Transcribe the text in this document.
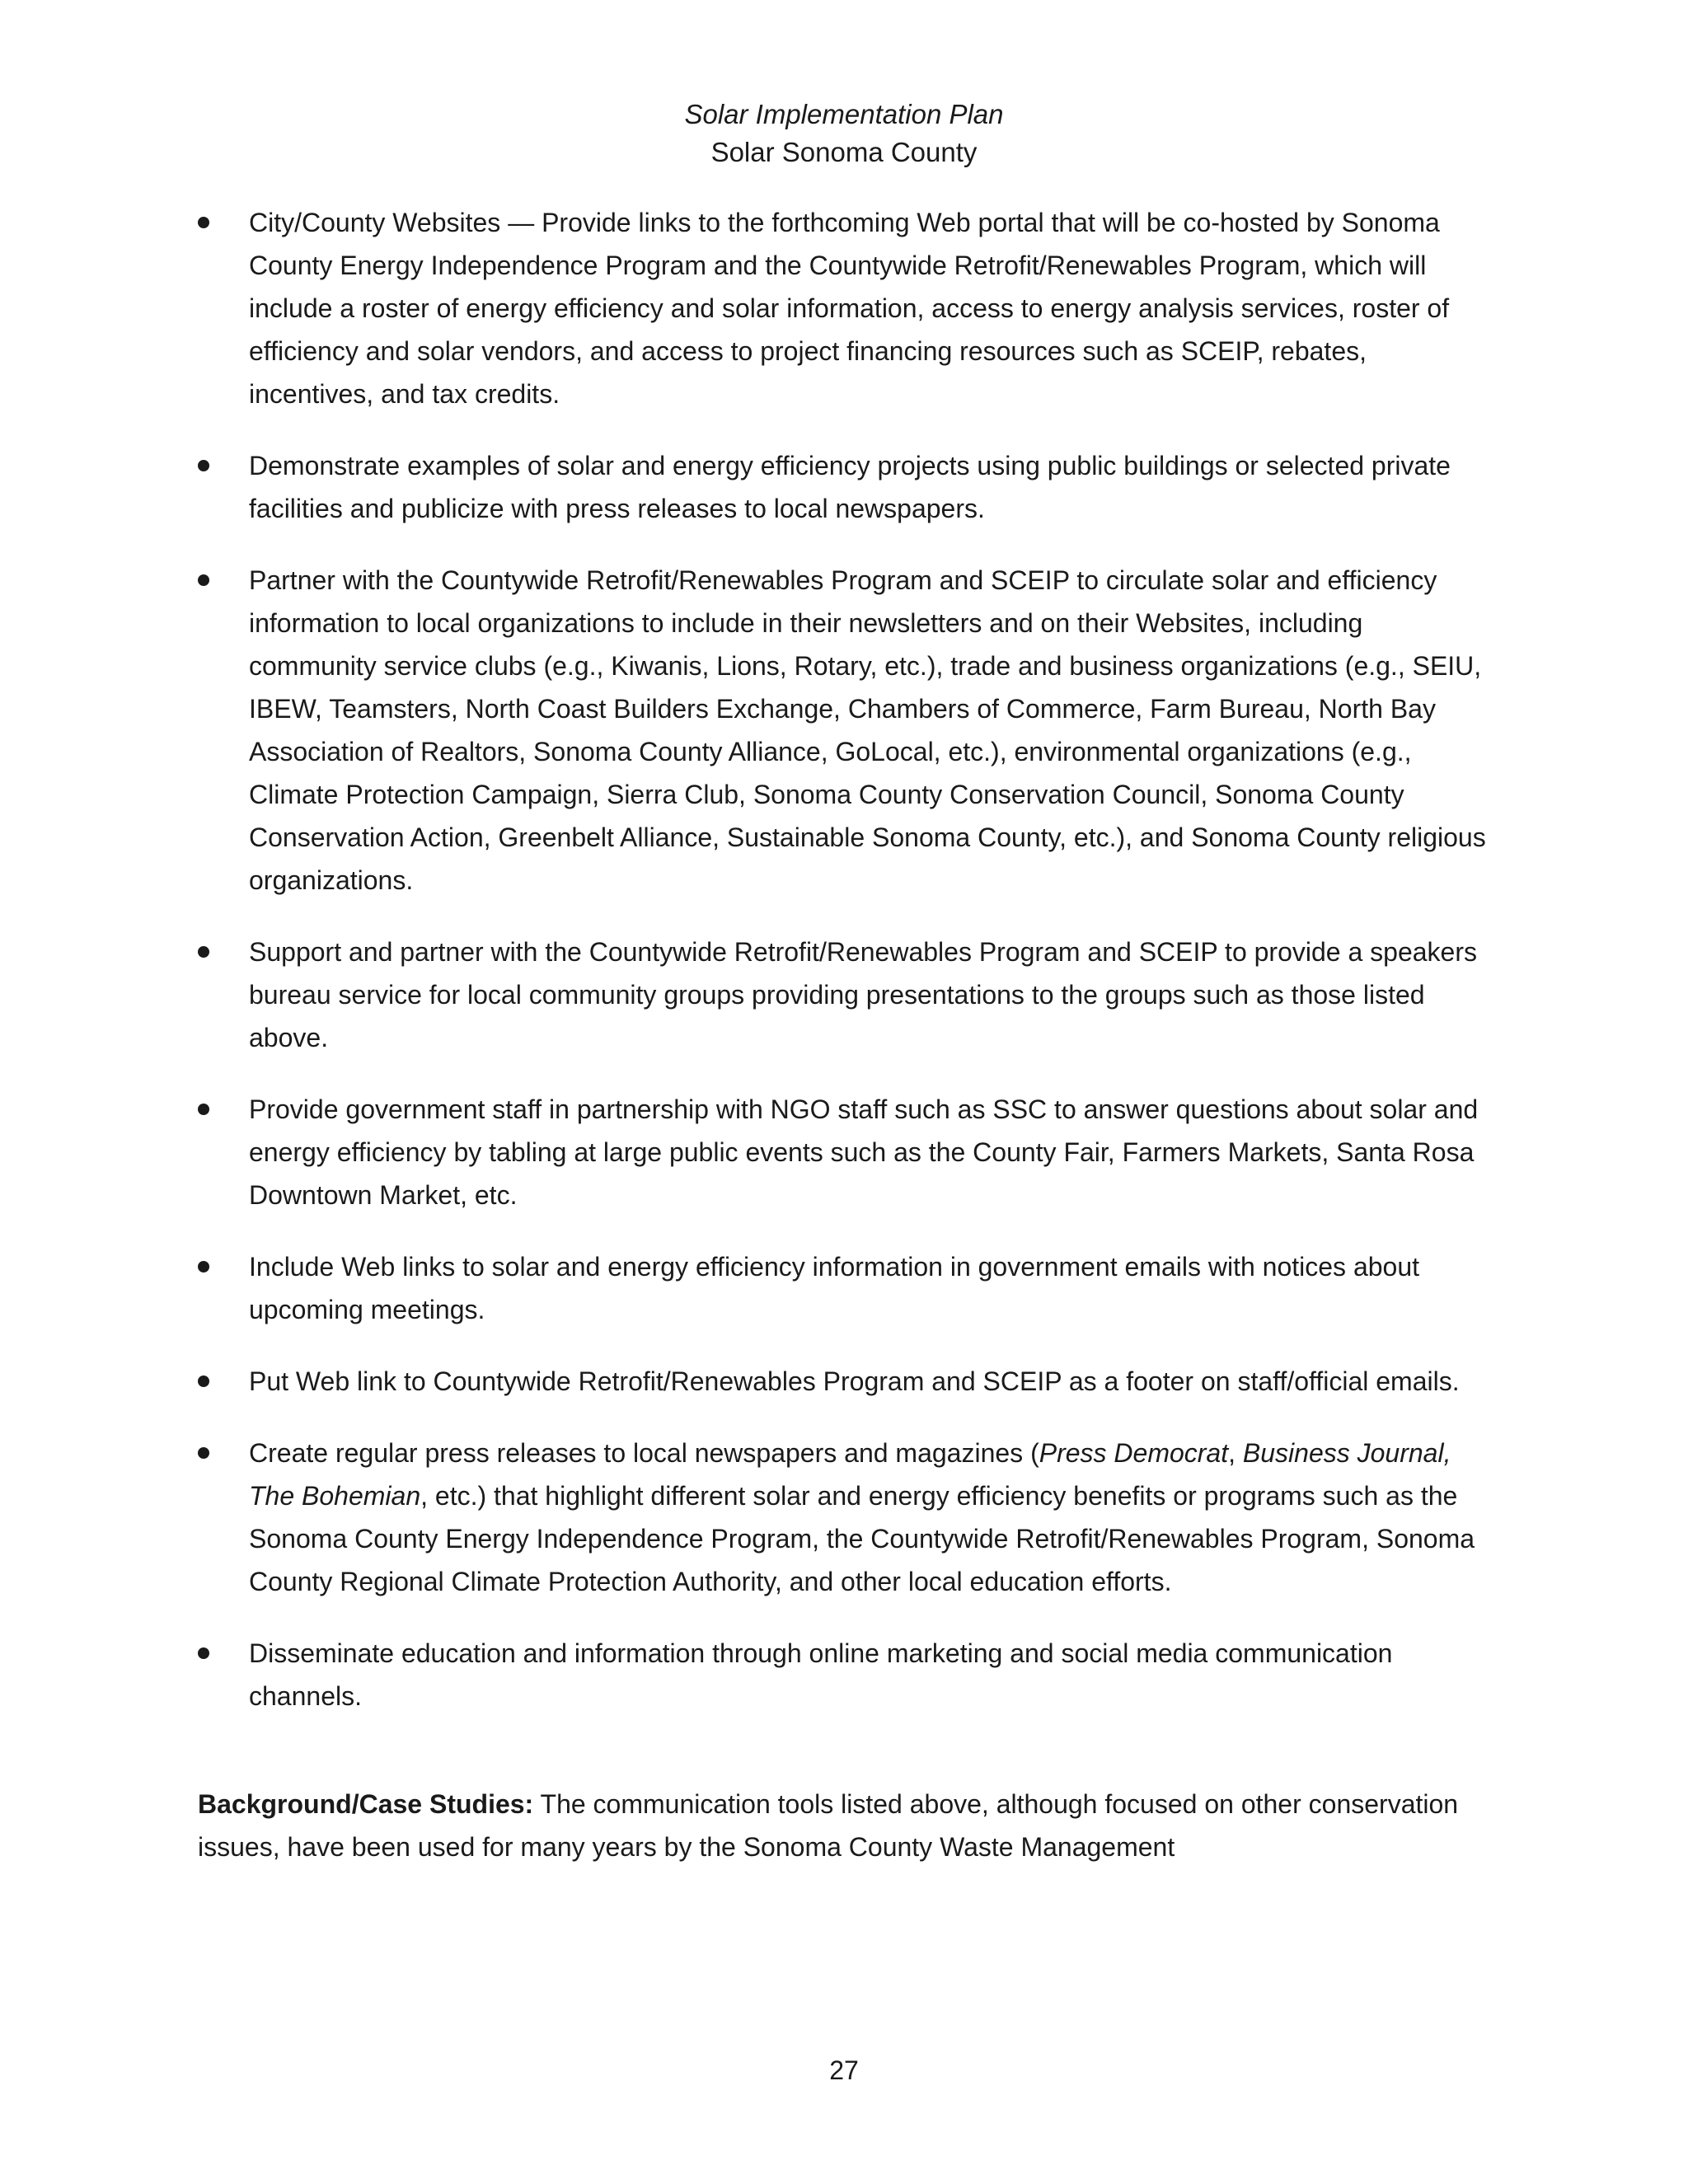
Solar Implementation Plan
Solar Sonoma County
City/County Websites — Provide links to the forthcoming Web portal that will be co-hosted by Sonoma County Energy Independence Program and the Countywide Retrofit/Renewables Program, which will include a roster of energy efficiency and solar information, access to energy analysis services, roster of efficiency and solar vendors, and access to project financing resources such as SCEIP, rebates, incentives, and tax credits.
Demonstrate examples of solar and energy efficiency projects using public buildings or selected private facilities and publicize with press releases to local newspapers.
Partner with the Countywide Retrofit/Renewables Program and SCEIP to circulate solar and efficiency information to local organizations to include in their newsletters and on their Websites, including community service clubs (e.g., Kiwanis, Lions, Rotary, etc.), trade and business organizations (e.g., SEIU, IBEW, Teamsters, North Coast Builders Exchange, Chambers of Commerce, Farm Bureau, North Bay Association of Realtors, Sonoma County Alliance, GoLocal, etc.), environmental organizations (e.g., Climate Protection Campaign, Sierra Club, Sonoma County Conservation Council, Sonoma County Conservation Action, Greenbelt Alliance, Sustainable Sonoma County, etc.), and Sonoma County religious organizations.
Support and partner with the Countywide Retrofit/Renewables Program and SCEIP to provide a speakers bureau service for local community groups providing presentations to the groups such as those listed above.
Provide government staff in partnership with NGO staff such as SSC to answer questions about solar and energy efficiency by tabling at large public events such as the County Fair, Farmers Markets, Santa Rosa Downtown Market, etc.
Include Web links to solar and energy efficiency information in government emails with notices about upcoming meetings.
Put Web link to Countywide Retrofit/Renewables Program and SCEIP as a footer on staff/official emails.
Create regular press releases to local newspapers and magazines (Press Democrat, Business Journal, The Bohemian, etc.) that highlight different solar and energy efficiency benefits or programs such as the Sonoma County Energy Independence Program, the Countywide Retrofit/Renewables Program, Sonoma County Regional Climate Protection Authority, and other local education efforts.
Disseminate education and information through online marketing and social media communication channels.

Background/Case Studies: The communication tools listed above, although focused on other conservation issues, have been used for many years by the Sonoma County Waste Management

27
